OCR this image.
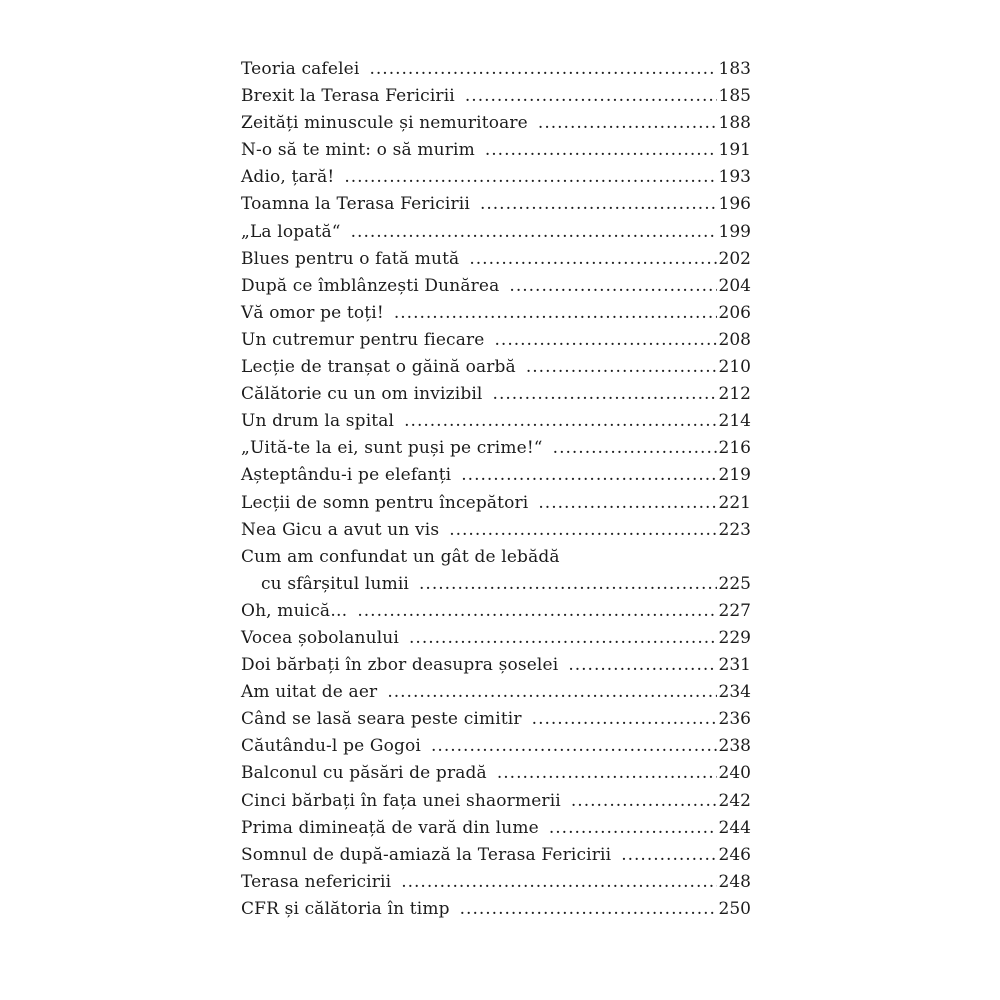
Teoria cafelei . . .	183
Brexit la Terasa Fericirii . . .	185
Zeități minuscule și nemuritoare . . .	188
N-o să te mint: o să murim . . .	191
Adio, țară! . . .	193
Toamna la Terasa Fericirii . . .	196
„La lopată“ . . .	199
Blues pentru o fată mută . . .	202
După ce îmblânzești Dunărea . . .	204
Vă omor pe toți! . . .	206
Un cutremur pentru fiecare . . .	208
Lecție de tranșat o găină oarbă . . .	210
Călătorie cu un om invizibil . . .	212
Un drum la spital . . .	214
„Uită-te la ei, sunt puși pe crime!“ . . .	216
Așteptându-i pe elefanți . . .	219
Lecții de somn pentru începători . . .	221
Nea Gicu a avut un vis . . .	223
Cum am confundat un gât de lebădă
cu sfârșitul lumii . . .	225
Oh, muică… . . .	227
Vocea șobolanului . . .	229
Doi bărbați în zbor deasupra șoselei . . .	231
Am uitat de aer . . .	234
Când se lasă seara peste cimitir . . .	236
Căutându-l pe Gogoi . . .	238
Balconul cu păsări de pradă . . .	240
Cinci bărbați în fața unei shaormerii . . .	242
Prima dimineață de vară din lume . . .	244
Somnul de după-amiază la Terasa Fericirii . . .	246
Terasa nefericirii . . .	248
CFR și călătoria în timp . . .	250
